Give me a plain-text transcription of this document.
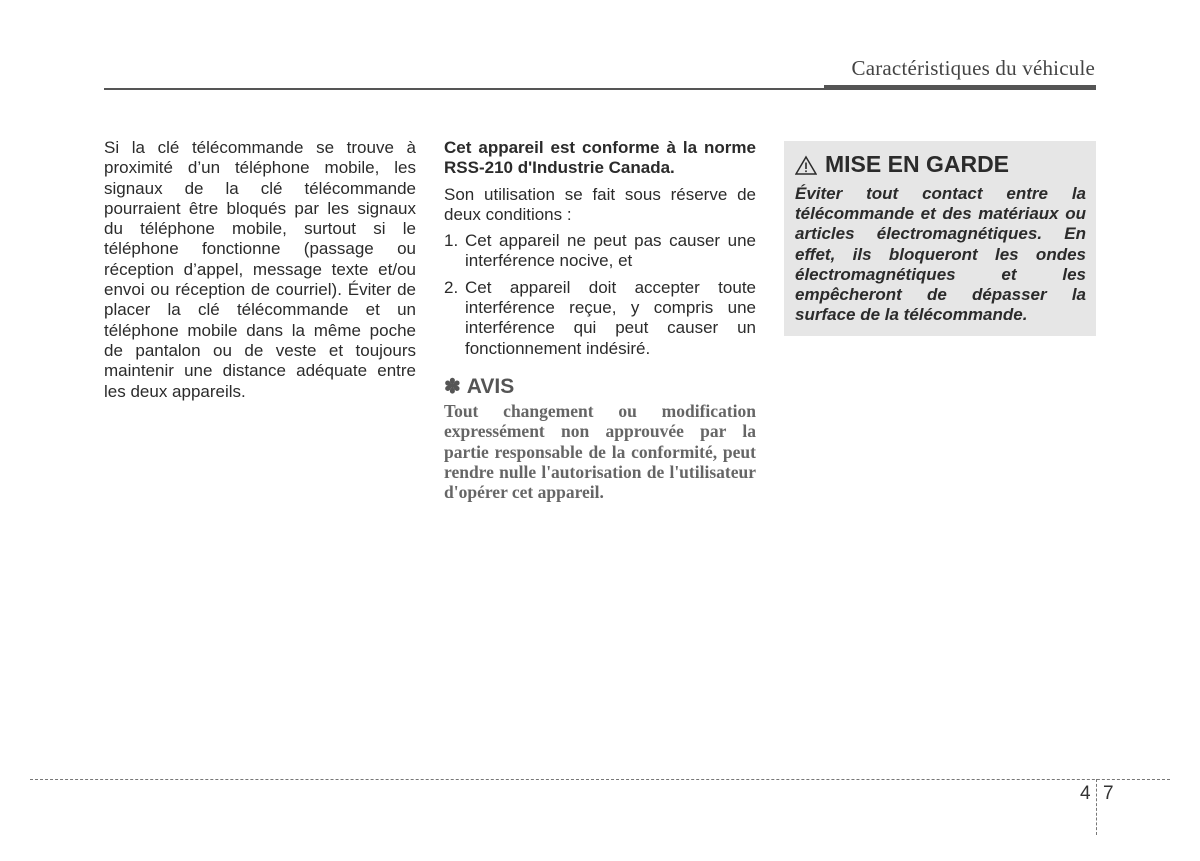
Caractéristiques du véhicule
Si la clé télécommande se trouve à proximité d’un téléphone mobile, les signaux de la clé télécommande pourraient être bloqués par les signaux du téléphone mobile, surtout si le téléphone fonctionne (passage ou réception d’appel, message texte et/ou envoi ou réception de courriel). Éviter de placer la clé télécommande et un téléphone mobile dans la même poche de pantalon ou de veste et toujours maintenir une distance adéquate entre les deux appareils.

Cet appareil est conforme à la norme RSS-210 d'Industrie Canada.

Son utilisation se fait sous réserve de deux conditions :

1. Cet appareil ne peut pas causer une interférence nocive, et
2. Cet appareil doit accepter toute interférence reçue, y compris une interférence qui peut causer un fonctionnement indésiré.
✽ AVIS
Tout changement ou modification expressément non approuvée par la partie responsable de la conformité, peut rendre nulle l'autorisation de l'utilisateur d'opérer cet appareil.
MISE EN GARDE
Éviter tout contact entre la télécommande et des matériaux ou articles électromagnétiques. En effet, ils bloqueront les ondes électromagnétiques et les empêcheront de dépasser la surface de la télécommande.
4 7
